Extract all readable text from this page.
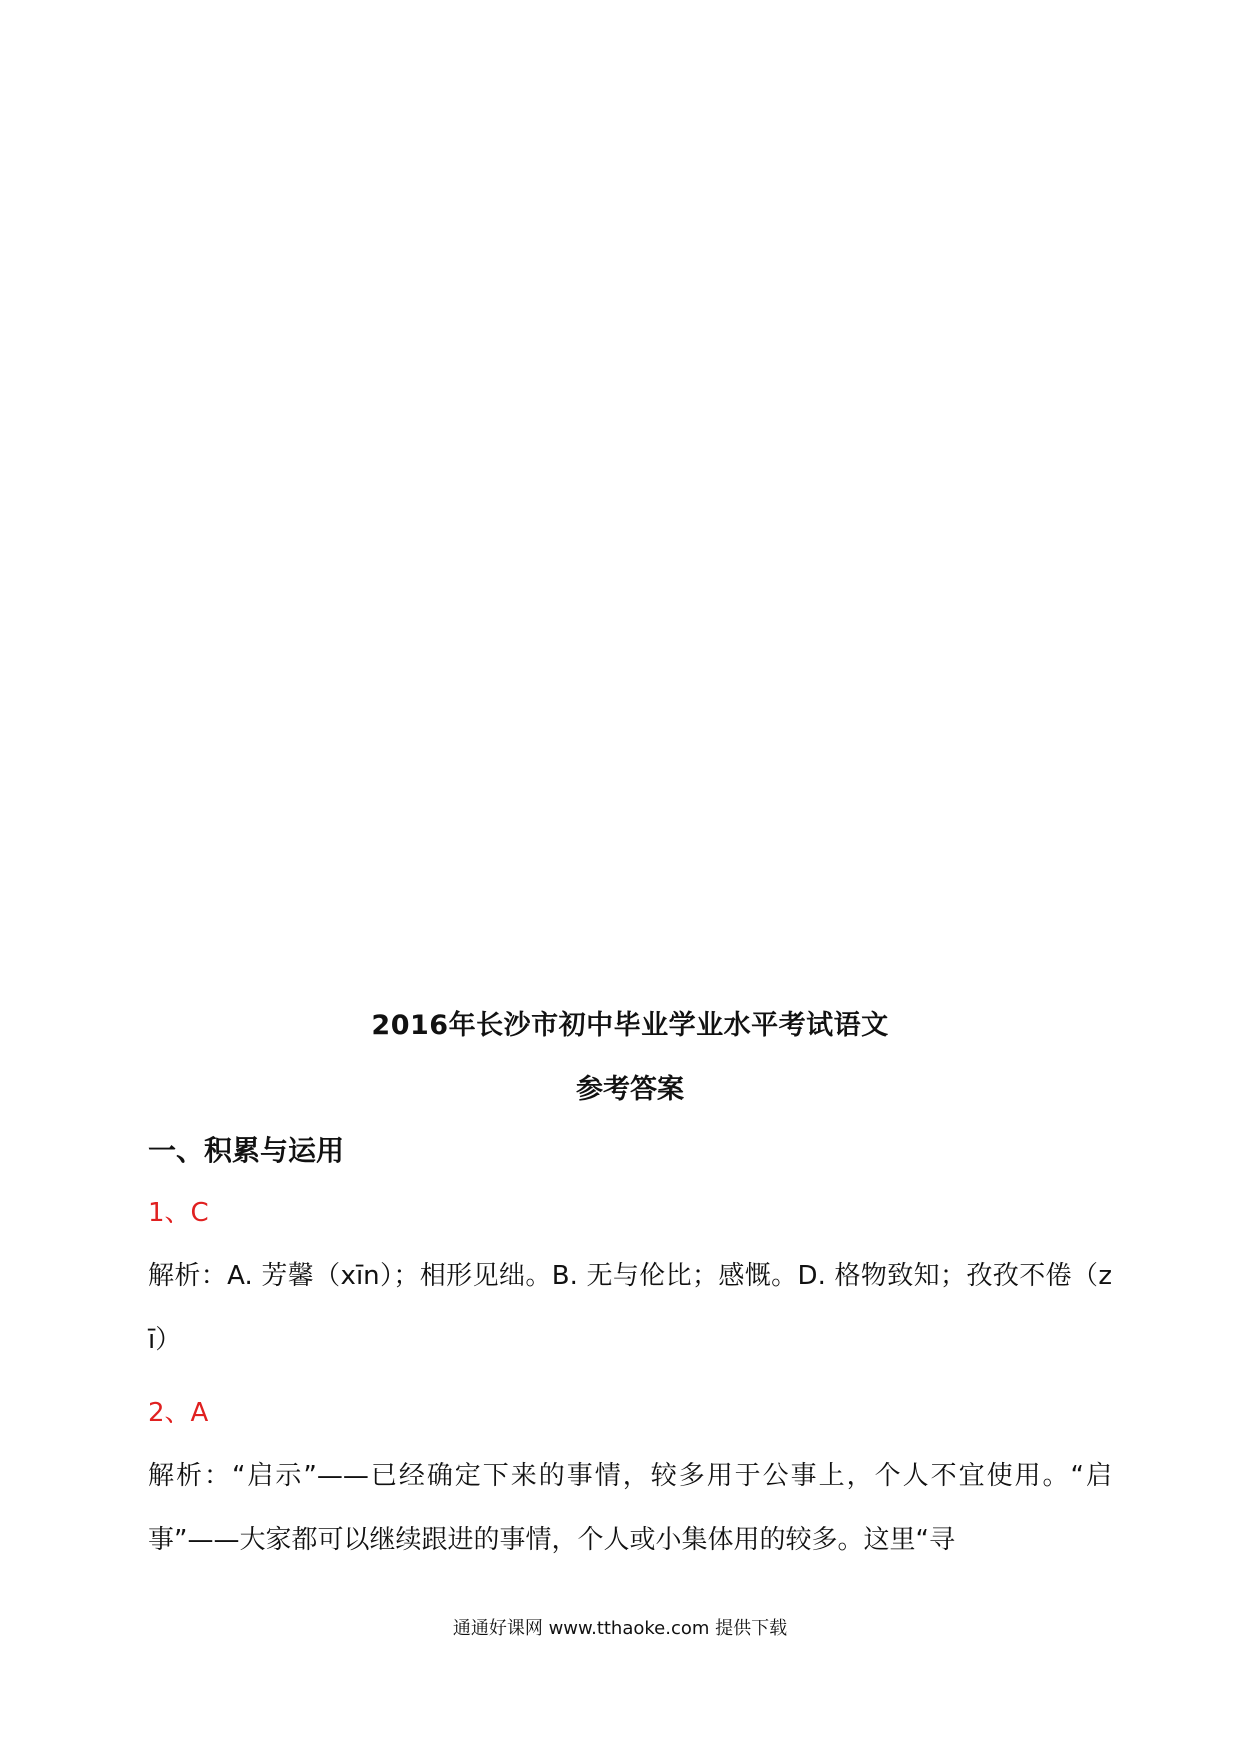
2016年长沙市初中毕业学业水平考试语文
参考答案
一、积累与运用
1、C
解析：A. 芳馨（xīn）；相形见绌。B. 无与伦比；感慨。D. 格物致知；孜孜不倦（zī）
2、A
解析：“启示”——已经确定下来的事情，较多用于公事上，个人不宜使用。“启事”——大家都可以继续跟进的事情，个人或小集体用的较多。这里“寻
通通好课网 www.tthaoke.com 提供下载
